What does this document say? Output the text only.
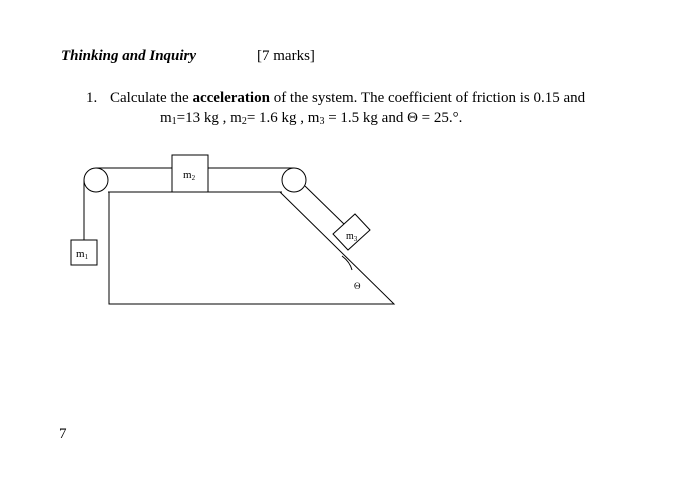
Thinking and Inquiry	[7 marks]
1. Calculate the acceleration of the system. The coefficient of friction is 0.15 and
$m_1=13$ kg , $m_2= 1.6$ kg , $m_3 = 1.5$ kg and Θ = 25.°.
m2
m1
$m_3$
Θ
7
